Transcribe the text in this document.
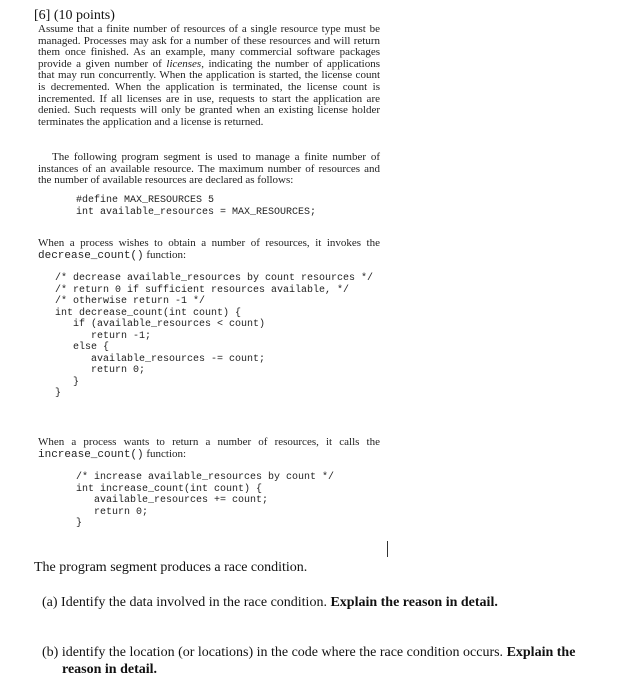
[6] (10 points)
Assume that a finite number of resources of a single resource type must be managed. Processes may ask for a number of these resources and will return them once finished. As an example, many commercial software packages provide a given number of licenses, indicating the number of applications that may run concurrently. When the application is started, the license count is decremented. When the application is terminated, the license count is incremented. If all licenses are in use, requests to start the application are denied. Such requests will only be granted when an existing license holder terminates the application and a license is returned.
The following program segment is used to manage a finite number of instances of an available resource. The maximum number of resources and the number of available resources are declared as follows:
#define MAX_RESOURCES 5
int available_resources = MAX_RESOURCES;
When a process wishes to obtain a number of resources, it invokes the decrease_count() function:
/* decrease available_resources by count resources */
/* return 0 if sufficient resources available, */
/* otherwise return -1 */
int decrease_count(int count) {
if (available_resources < count)
return -1;
else {
available_resources -= count;
return 0;
}
}
When a process wants to return a number of resources, it calls the increase_count() function:
/* increase available_resources by count */
int increase_count(int count) {
available_resources += count;
return 0;
}
The program segment produces a race condition.
(a) Identify the data involved in the race condition. Explain the reason in detail.
(b) identify the location (or locations) in the code where the race condition occurs. Explain the
reason in detail.
